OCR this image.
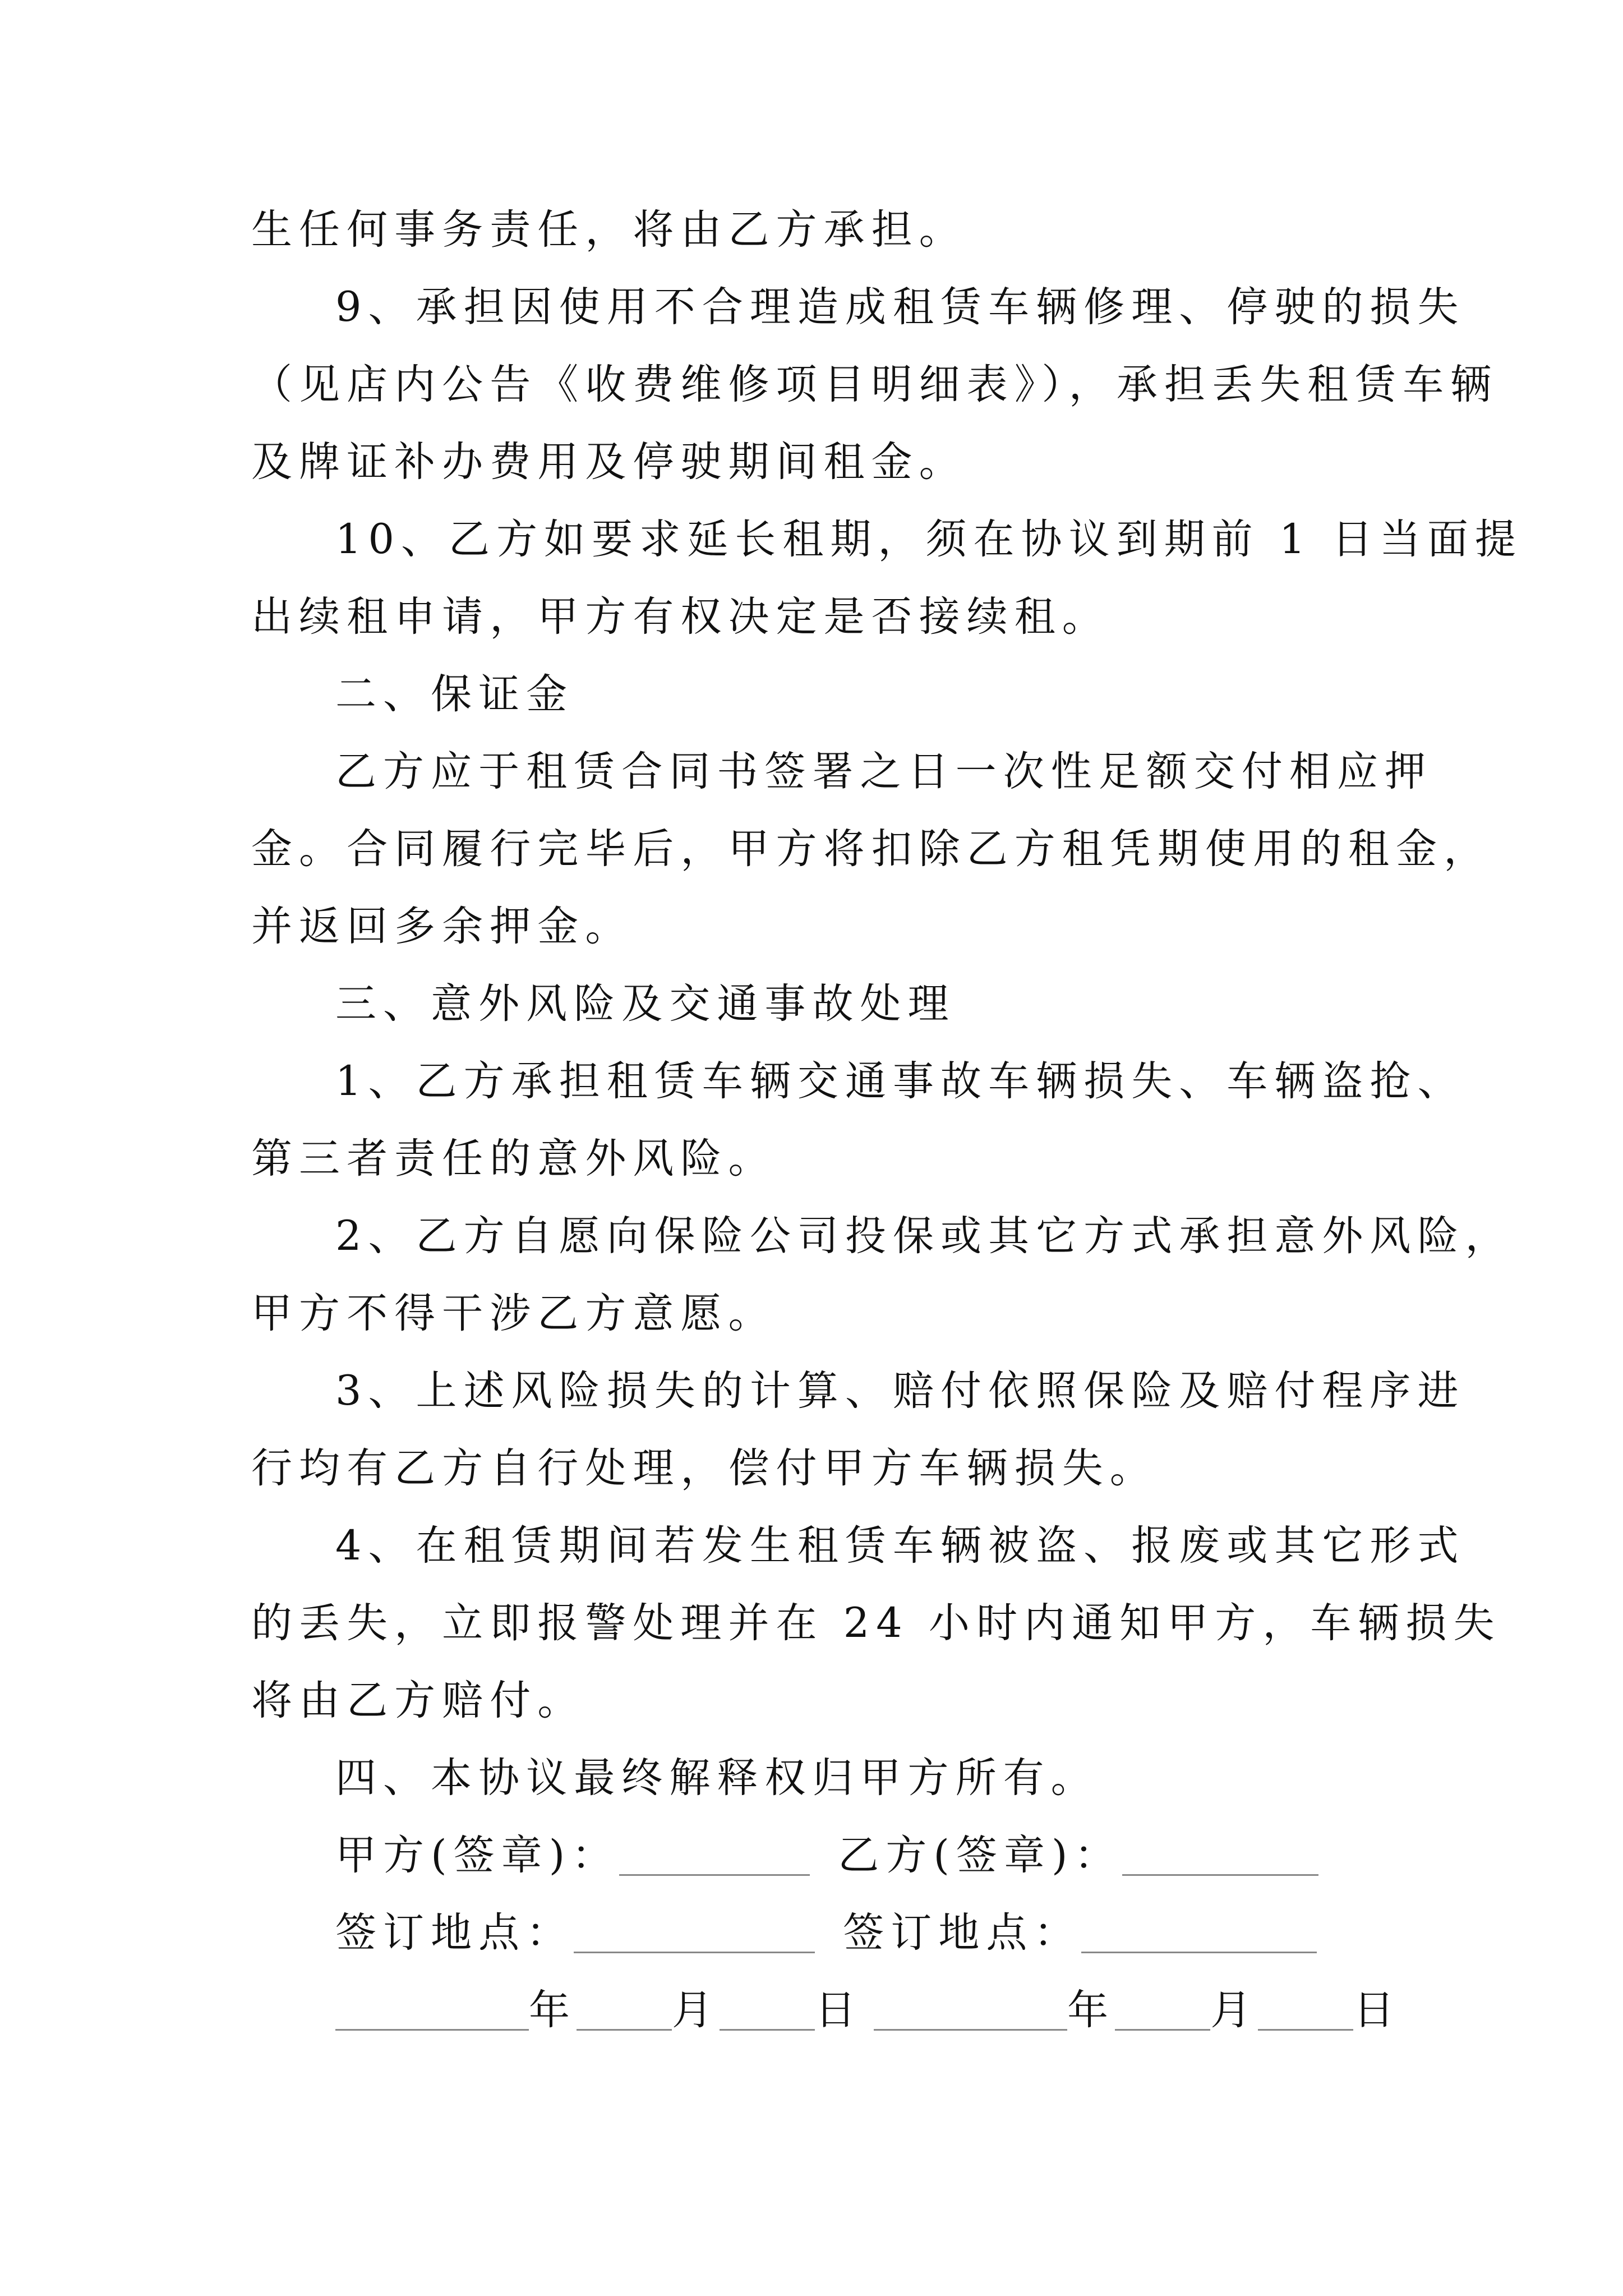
生任何事务责任，将由乙方承担。
9、承担因使用不合理造成租赁车辆修理、停驶的损失
（见店内公告《收费维修项目明细表》），承担丢失租赁车辆
及牌证补办费用及停驶期间租金。
10、乙方如要求延长租期，须在协议到期前 1 日当面提
出续租申请，甲方有权决定是否接续租。
二、保证金
乙方应于租赁合同书签署之日一次性足额交付相应押
金。合同履行完毕后，甲方将扣除乙方租凭期使用的租金，
并返回多余押金。
三、意外风险及交通事故处理
1、乙方承担租赁车辆交通事故车辆损失、车辆盗抢、
第三者责任的意外风险。
2、乙方自愿向保险公司投保或其它方式承担意外风险，
甲方不得干涉乙方意愿。
3、上述风险损失的计算、赔付依照保险及赔付程序进
行均有乙方自行处理，偿付甲方车辆损失。
4、在租赁期间若发生租赁车辆被盗、报废或其它形式
的丢失，立即报警处理并在 24 小时内通知甲方，车辆损失
将由乙方赔付。
四、本协议最终解释权归甲方所有。
甲方(签章)：	乙方(签章)：
签订地点：	签订地点：
年 月 日	年 月 日
